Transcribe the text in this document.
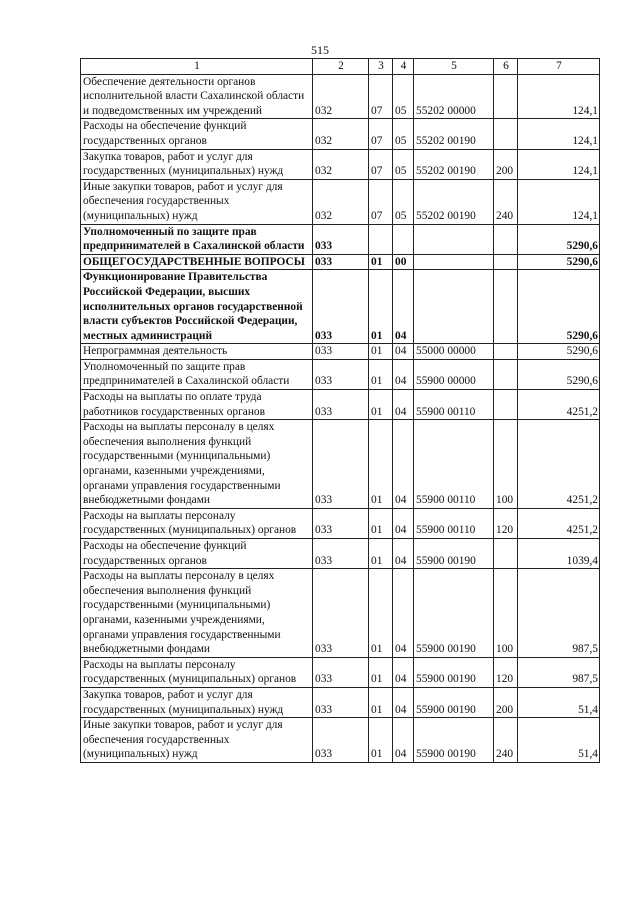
515
1	2	3	4	5	6	7
Обеспечение деятельности органов исполнительной власти Сахалинской области и подведомственных им учреждений	032	07	05	55202 00000		124,1
Расходы на обеспечение функций государственных органов	032	07	05	55202 00190		124,1
Закупка товаров, работ и услуг для государственных (муниципальных) нужд	032	07	05	55202 00190	200	124,1
Иные закупки товаров, работ и услуг для обеспечения государственных (муниципальных) нужд	032	07	05	55202 00190	240	124,1
Уполномоченный по защите прав предпринимателей в Сахалинской области	033					5290,6
ОБЩЕГОСУДАРСТВЕННЫЕ ВОПРОСЫ	033	01	00			5290,6
Функционирование Правительства Российской Федерации, высших исполнительных органов государственной власти субъектов Российской Федерации, местных администраций	033	01	04			5290,6
Непрограммная деятельность	033	01	04	55000 00000		5290,6
Уполномоченный по защите прав предпринимателей в Сахалинской области	033	01	04	55900 00000		5290,6
Расходы на выплаты по оплате труда работников государственных органов	033	01	04	55900 00110		4251,2
Расходы на выплаты персоналу в целях обеспечения выполнения функций государственными (муниципальными) органами, казенными учреждениями, органами управления государственными внебюджетными фондами	033	01	04	55900 00110	100	4251,2
Расходы на выплаты персоналу государственных (муниципальных) органов	033	01	04	55900 00110	120	4251,2
Расходы на обеспечение функций государственных органов	033	01	04	55900 00190		1039,4
Расходы на выплаты персоналу в целях обеспечения выполнения функций государственными (муниципальными) органами, казенными учреждениями, органами управления государственными внебюджетными фондами	033	01	04	55900 00190	100	987,5
Расходы на выплаты персоналу государственных (муниципальных) органов	033	01	04	55900 00190	120	987,5
Закупка товаров, работ и услуг для государственных (муниципальных) нужд	033	01	04	55900 00190	200	51,4
Иные закупки товаров, работ и услуг для обеспечения государственных (муниципальных) нужд	033	01	04	55900 00190	240	51,4
